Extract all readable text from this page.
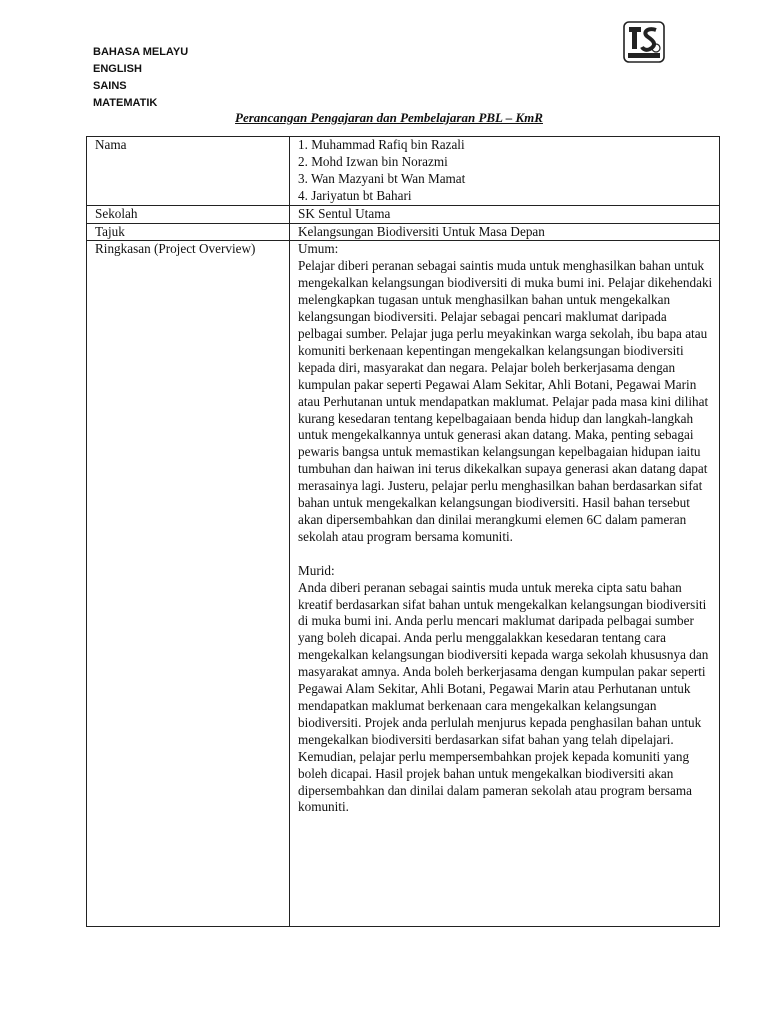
BAHASA MELAYU
ENGLISH
SAINS
MATEMATIK
Perancangan Pengajaran dan Pembelajaran PBL – KmR
Nama	1. Muhammad Rafiq bin Razali
2. Mohd Izwan bin Norazmi
3. Wan Mazyani bt Wan Mamat
4. Jariyatun bt Bahari

Sekolah	SK Sentul Utama
Tajuk	Kelangsungan Biodiversiti Untuk Masa Depan
Ringkasan (Project Overview)	Umum:
Pelajar diberi peranan sebagai saintis muda untuk menghasilkan bahan untuk mengekalkan kelangsungan biodiversiti di muka bumi ini. Pelajar dikehendaki melengkapkan tugasan untuk menghasilkan bahan untuk mengekalkan kelangsungan biodiversiti. Pelajar sebagai pencari maklumat daripada pelbagai sumber. Pelajar juga perlu meyakinkan warga sekolah, ibu bapa atau komuniti berkenaan kepentingan mengekalkan kelangsungan biodiversiti kepada diri, masyarakat dan negara. Pelajar boleh berkerjasama dengan kumpulan pakar seperti Pegawai Alam Sekitar, Ahli Botani, Pegawai Marin atau Perhutanan untuk mendapatkan maklumat. Pelajar pada masa kini dilihat kurang kesedaran tentang kepelbagaiaan benda hidup dan langkah-langkah untuk mengekalkannya untuk generasi akan datang. Maka, penting sebagai pewaris bangsa untuk memastikan kelangsungan kepelbagaian hidupan iaitu tumbuhan dan haiwan ini terus dikekalkan supaya generasi akan datang dapat merasainya lagi. Justeru, pelajar perlu menghasilkan bahan berdasarkan sifat bahan untuk mengekalkan kelangsungan biodiversiti. Hasil bahan tersebut akan dipersembahkan dan dinilai merangkumi elemen 6C dalam pameran sekolah atau program bersama komuniti.
Murid:
Anda diberi peranan sebagai saintis muda untuk mereka cipta satu bahan kreatif berdasarkan sifat bahan untuk mengekalkan kelangsungan biodiversiti di muka bumi ini. Anda perlu mencari maklumat daripada pelbagai sumber yang boleh dicapai. Anda perlu menggalakkan kesedaran tentang cara mengekalkan kelangsungan biodiversiti kepada warga sekolah khususnya dan masyarakat amnya. Anda boleh berkerjasama dengan kumpulan pakar seperti Pegawai Alam Sekitar, Ahli Botani, Pegawai Marin atau Perhutanan untuk mendapatkan maklumat berkenaan cara mengekalkan kelangsungan biodiversiti. Projek anda perlulah menjurus kepada penghasilan bahan untuk mengekalkan biodiversiti berdasarkan sifat bahan yang telah dipelajari. Kemudian, pelajar perlu mempersembahkan projek kepada komuniti yang boleh dicapai. Hasil projek bahan untuk mengekalkan biodiversiti akan dipersembahkan dan dinilai dalam pameran sekolah atau program bersama komuniti.
